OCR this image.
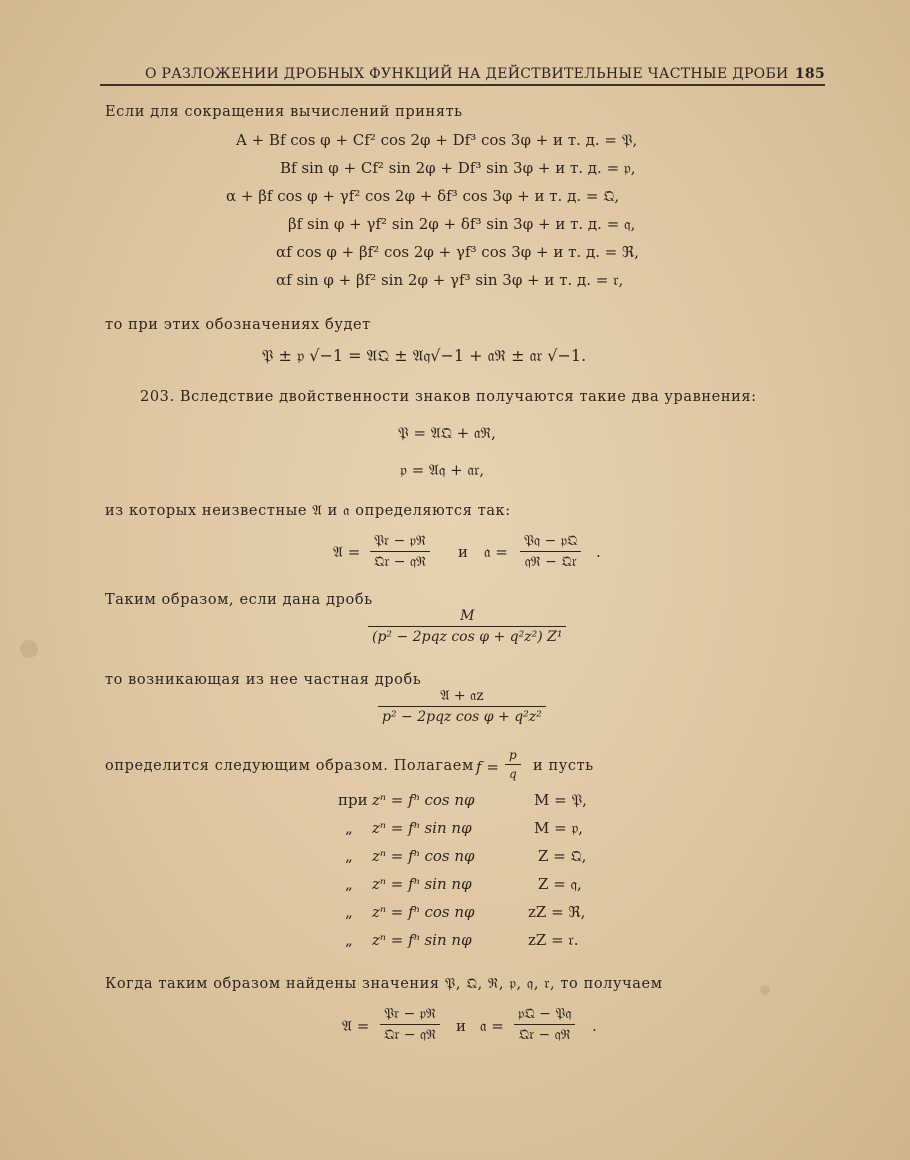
О РАЗЛОЖЕНИИ ДРОБНЫХ ФУНКЦИЙ НА ДЕЙСТВИТЕЛЬНЫЕ ЧАСТНЫЕ ДРОБИ 185
Если для сокращения вычислений принять
A + Bf cos φ + Cf² cos 2φ + Df³ cos 3φ + и т. д. = 𝔓,
Bf sin φ + Cf² sin 2φ + Df³ sin 3φ + и т. д. = 𝔭,
α + βf cos φ + γf² cos 2φ + δf³ cos 3φ + и т. д. = 𝔔,
βf sin φ + γf² sin 2φ + δf³ sin 3φ + и т. д. = 𝔮,
αf cos φ + βf² cos 2φ + γf³ cos 3φ + и т. д. = ℜ,
αf sin φ + βf² sin 2φ + γf³ sin 3φ + и т. д. = 𝔯,
то при этих обозначениях будет
𝔓 ± 𝔭 √−1 = 𝔄𝔔 ± 𝔄𝔮√−1 + 𝔞ℜ ± 𝔞𝔯 √−1.
203. Вследствие двойственности знаков получаются такие два уравнения:
𝔓 = 𝔄𝔔 + 𝔞ℜ,
𝔭 = 𝔄𝔮 + 𝔞𝔯,
из которых неизвестные 𝔄 и 𝔞 определяются так:
𝔄 =
𝔓𝔯 − 𝔭ℜ
𝔔𝔯 − 𝔮ℜ
и 𝔞 =
𝔓𝔮 − 𝔭𝔔
𝔮ℜ − 𝔔𝔯
.
Таким образом, если дана дробь
M
(p² − 2pqz cos φ + q²z²) Z¹
то возникающая из нее частная дробь
𝔄 + 𝔞z
p² − 2pqz cos φ + q²z²
определится следующим образом. Полагаем $f = \frac{p}{q}$ и пусть
при zⁿ = fⁿ cos nφ	M = 𝔓,
„ zⁿ = fⁿ sin nφ	M = 𝔭,
„ zⁿ = fⁿ cos nφ	Z = 𝔔,
„ zⁿ = fⁿ sin nφ	Z = 𝔮,
„ zⁿ = fⁿ cos nφ	zZ = ℜ,
„ zⁿ = fⁿ sin nφ	zZ = 𝔯.
Когда таким образом найдены значения 𝔓, 𝔔, ℜ, 𝔭, 𝔮, 𝔯, то получаем
𝔄 =
𝔓𝔯 − 𝔭ℜ
𝔔𝔯 − 𝔮ℜ и 𝔞 =
𝔭𝔔 − 𝔓𝔮
𝔔𝔯 − 𝔮ℜ	.
